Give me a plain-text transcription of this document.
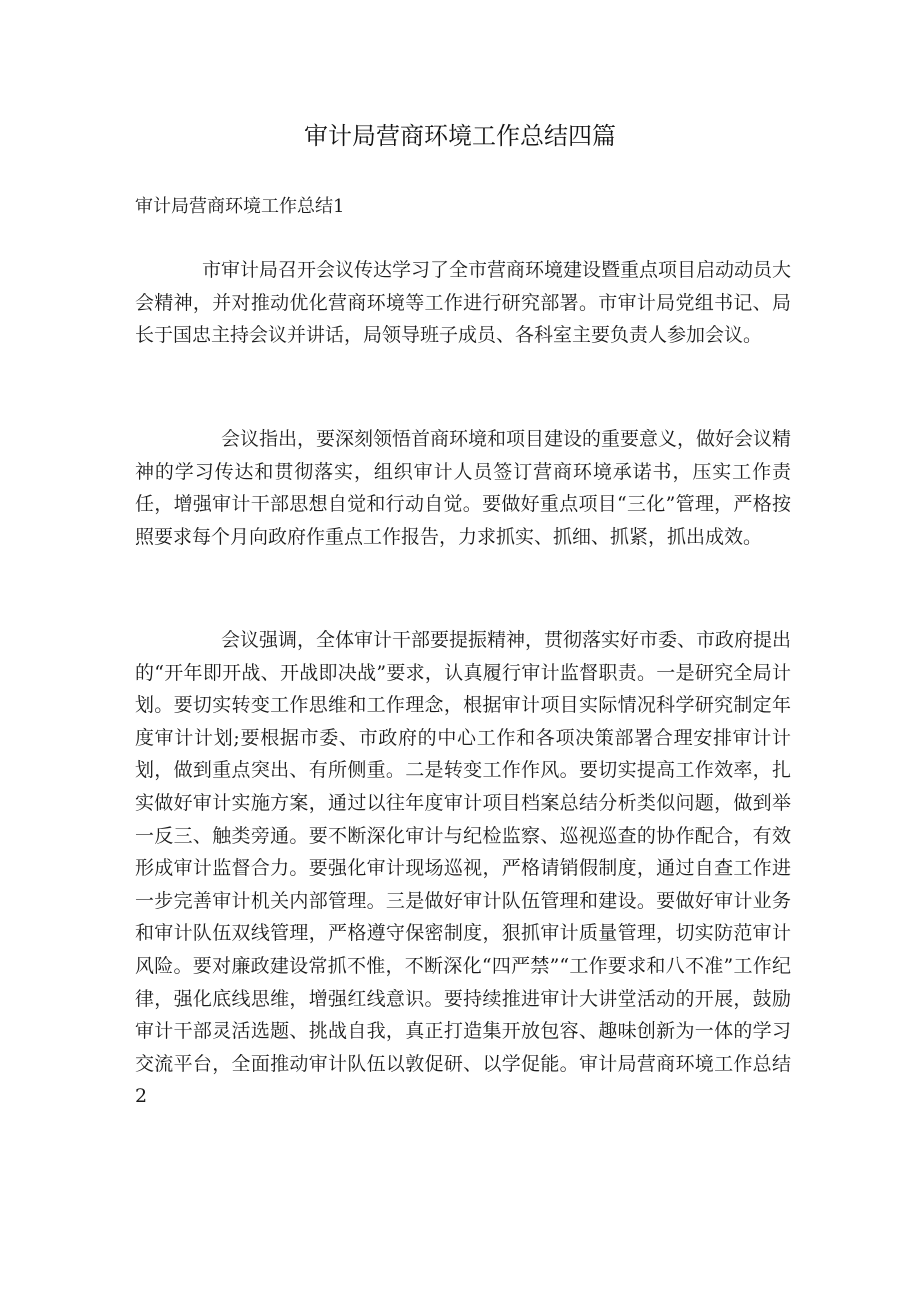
审计局营商环境工作总结四篇
审计局营商环境工作总结1

市审计局召开会议传达学习了全市营商环境建设暨重点项目启动动员大会精神，并对推动优化营商环境等工作进行研究部署。市审计局党组书记、局长于国忠主持会议并讲话，局领导班子成员、各科室主要负责人参加会议。

会议指出，要深刻领悟首商环境和项目建设的重要意义，做好会议精神的学习传达和贯彻落实，组织审计人员签订营商环境承诺书，压实工作责任，增强审计干部思想自觉和行动自觉。要做好重点项目“三化”管理，严格按照要求每个月向政府作重点工作报告，力求抓实、抓细、抓紧，抓出成效。

会议强调，全体审计干部要提振精神，贯彻落实好市委、市政府提出的“开年即开战、开战即决战”要求，认真履行审计监督职责。一是研究全局计划。要切实转变工作思维和工作理念，根据审计项目实际情况科学研究制定年度审计计划;要根据市委、市政府的中心工作和各项决策部署合理安排审计计划，做到重点突出、有所侧重。二是转变工作作风。要切实提高工作效率，扎实做好审计实施方案，通过以往年度审计项目档案总结分析类似问题，做到举一反三、触类旁通。要不断深化审计与纪检监察、巡视巡查的协作配合，有效形成审计监督合力。要强化审计现场巡视，严格请销假制度，通过自查工作进一步完善审计机关内部管理。三是做好审计队伍管理和建设。要做好审计业务和审计队伍双线管理，严格遵守保密制度，狠抓审计质量管理，切实防范审计风险。要对廉政建设常抓不惟，不断深化“四严禁”“工作要求和八不准”工作纪律，强化底线思维，增强红线意识。要持续推进审计大讲堂活动的开展，鼓励审计干部灵活选题、挑战自我，真正打造集开放包容、趣味创新为一体的学习交流平台，全面推动审计队伍以敦促研、以学促能。审计局营商环境工作总结2
